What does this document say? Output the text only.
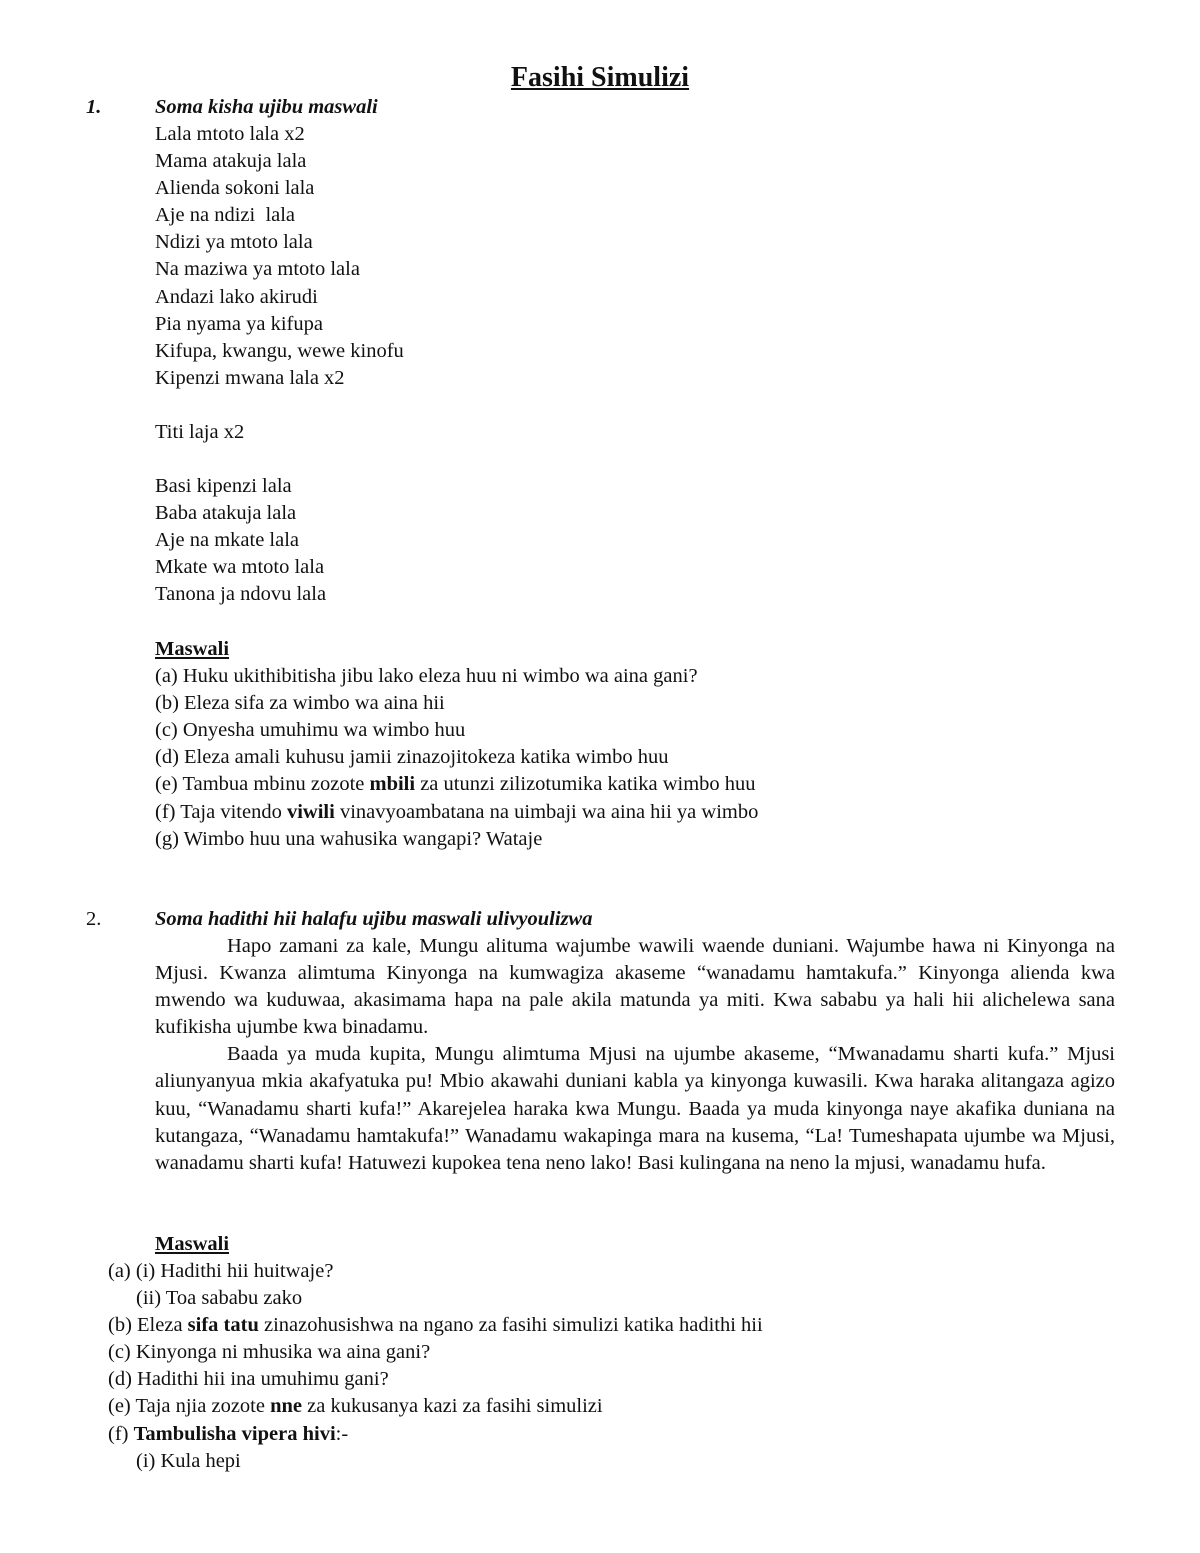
Fasihi Simulizi
1.	Soma kisha ujibu maswali
Lala mtoto lala x2
Mama atakuja lala
Alienda sokoni lala
Aje na ndizi  lala
Ndizi ya mtoto lala
Na maziwa ya mtoto lala
Andazi lako akirudi
Pia nyama ya kifupa
Kifupa, kwangu, wewe kinofu
Kipenzi mwana lala x2
Titi laja x2
Basi kipenzi lala
Baba atakuja lala
Aje na mkate lala
Mkate wa mtoto lala
Tanona ja ndovu lala
Maswali
(a) Huku ukithibitisha jibu lako eleza huu ni wimbo wa aina gani?
(b) Eleza sifa za wimbo wa aina hii
(c) Onyesha umuhimu wa wimbo huu
(d) Eleza amali kuhusu jamii zinazojitokeza katika wimbo huu
(e) Tambua mbinu zozote mbili za utunzi zilizotumika katika wimbo huu
(f) Taja vitendo viwili vinavyoambatana na uimbaji wa aina hii ya wimbo
(g) Wimbo huu una wahusika wangapi? Wataje
2.	Soma hadithi hii halafu ujibu maswali ulivyoulizwa

Hapo zamani za kale, Mungu alituma wajumbe wawili waende duniani. Wajumbe hawa ni Kinyonga na Mjusi. Kwanza alimtuma Kinyonga na kumwagiza akaseme “wanadamu hamtakufa.” Kinyonga alienda kwa mwendo wa kuduwaa, akasimama hapa na pale akila matunda ya miti. Kwa sababu ya hali hii alichelewa sana kufikisha ujumbe kwa binadamu.

Baada ya muda kupita, Mungu alimtuma Mjusi na ujumbe akaseme, “Mwanadamu sharti kufa.” Mjusi aliunyanyua mkia akafyatuka pu! Mbio akawahi duniani kabla ya kinyonga kuwasili. Kwa haraka alitangaza agizo kuu, “Wanadamu sharti kufa!” Akarejelea haraka kwa Mungu. Baada ya muda kinyonga naye akafika duniana na kutangaza, “Wanadamu hamtakufa!” Wanadamu wakapinga mara na kusema, “La! Tumeshapata ujumbe wa Mjusi, wanadamu sharti kufa! Hatuwezi kupokea tena neno lako! Basi kulingana na neno la mjusi, wanadamu hufa.

Maswali
(a) (i) Hadithi hii huitwaje?
(ii) Toa sababu zako
(b) Eleza sifa tatu zinazohusishwa na ngano za fasihi simulizi katika hadithi hii
(c) Kinyonga ni mhusika wa aina gani?
(d) Hadithi hii ina umuhimu gani?
(e) Taja njia zozote nne za kukusanya kazi za fasihi simulizi
(f) Tambulisha vipera hivi:-
(i) Kula hepi
